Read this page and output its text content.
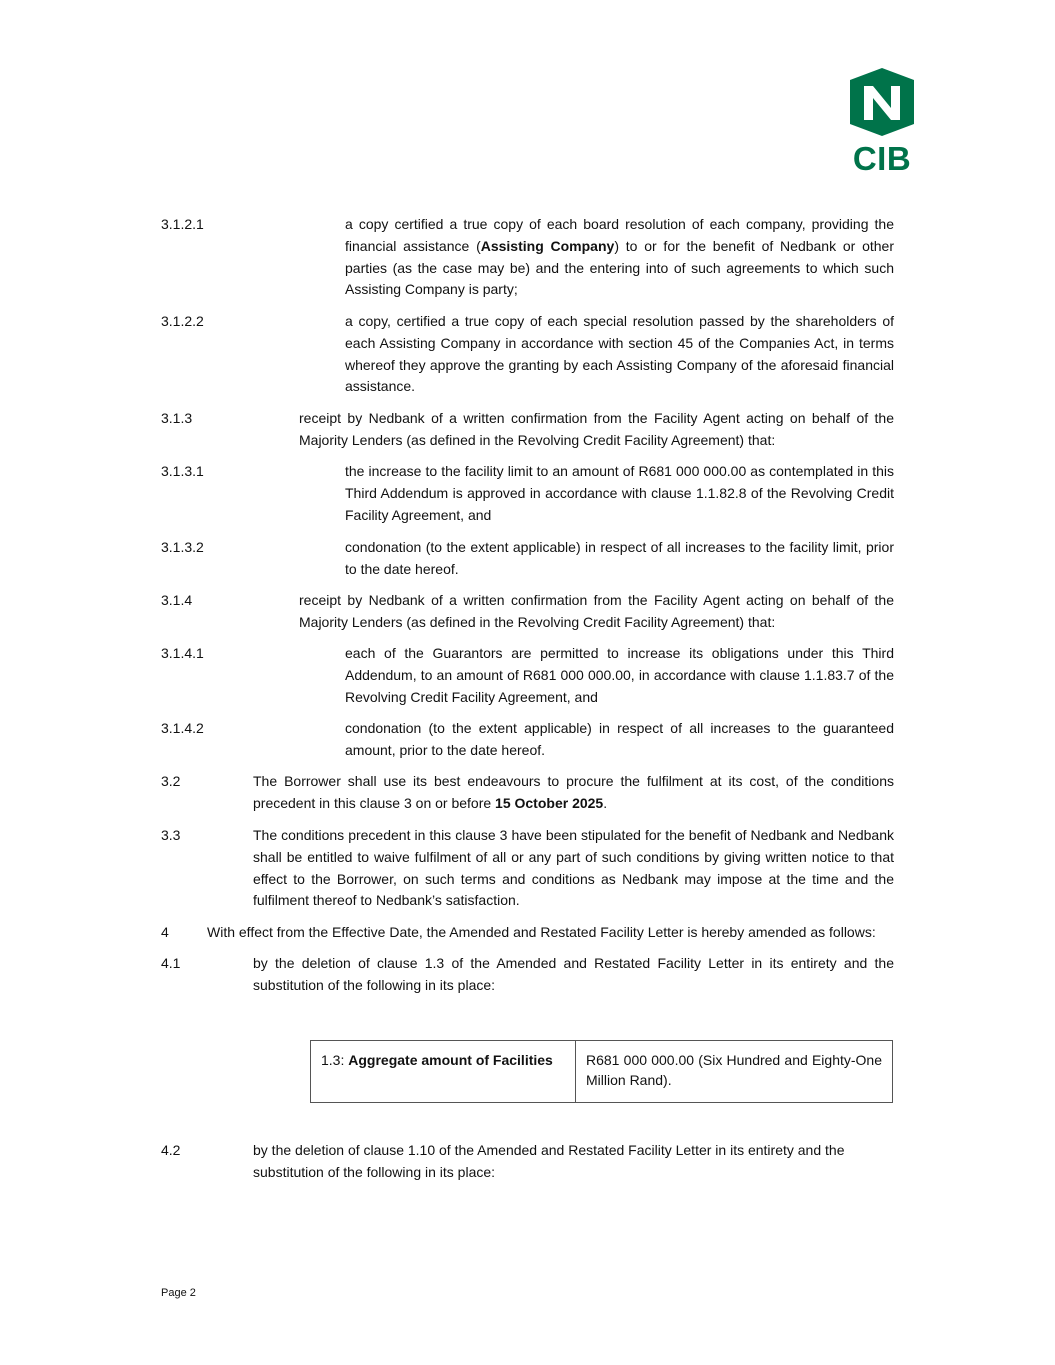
CIB
3.1.2.1	a copy certified a true copy of each board resolution of each company, providing the financial assistance (Assisting Company) to or for the benefit of Nedbank or other parties (as the case may be) and the entering into of such agreements to which such Assisting Company is party;
3.1.2.2	a copy, certified a true copy of each special resolution passed by the shareholders of each Assisting Company in accordance with section 45 of the Companies Act, in terms whereof they approve the granting by each Assisting Company of the aforesaid financial assistance.
3.1.3	receipt by Nedbank of a written confirmation from the Facility Agent acting on behalf of the Majority Lenders (as defined in the Revolving Credit Facility Agreement) that:
3.1.3.1	the increase to the facility limit to an amount of R681 000 000.00 as contemplated in this Third Addendum is approved in accordance with clause 1.1.82.8 of the Revolving Credit Facility Agreement, and
3.1.3.2	condonation (to the extent applicable) in respect of all increases to the facility limit, prior to the date hereof.
3.1.4	receipt by Nedbank of a written confirmation from the Facility Agent acting on behalf of the Majority Lenders (as defined in the Revolving Credit Facility Agreement) that:
3.1.4.1	each of the Guarantors are permitted to increase its obligations under this Third Addendum, to an amount of R681 000 000.00, in accordance with clause 1.1.83.7 of the Revolving Credit Facility Agreement, and
3.1.4.2	condonation (to the extent applicable) in respect of all increases to the guaranteed amount, prior to the date hereof.
3.2	The Borrower shall use its best endeavours to procure the fulfilment at its cost, of the conditions precedent in this clause 3 on or before 15 October 2025.
3.3	The conditions precedent in this clause 3 have been stipulated for the benefit of Nedbank and Nedbank shall be entitled to waive fulfilment of all or any part of such conditions by giving written notice to that effect to the Borrower, on such terms and conditions as Nedbank may impose at the time and the fulfilment thereof to Nedbank’s satisfaction.
4	With effect from the Effective Date, the Amended and Restated Facility Letter is hereby amended as follows:
4.1	by the deletion of clause 1.3 of the Amended and Restated Facility Letter in its entirety and the substitution of the following in its place:
1.3: Aggregate amount of Facilities	R681 000 000.00 (Six Hundred and Eighty-One Million Rand).
4.2	by the deletion of clause 1.10 of the Amended and Restated Facility Letter in its entirety and the substitution of the following in its place:
Page 2
